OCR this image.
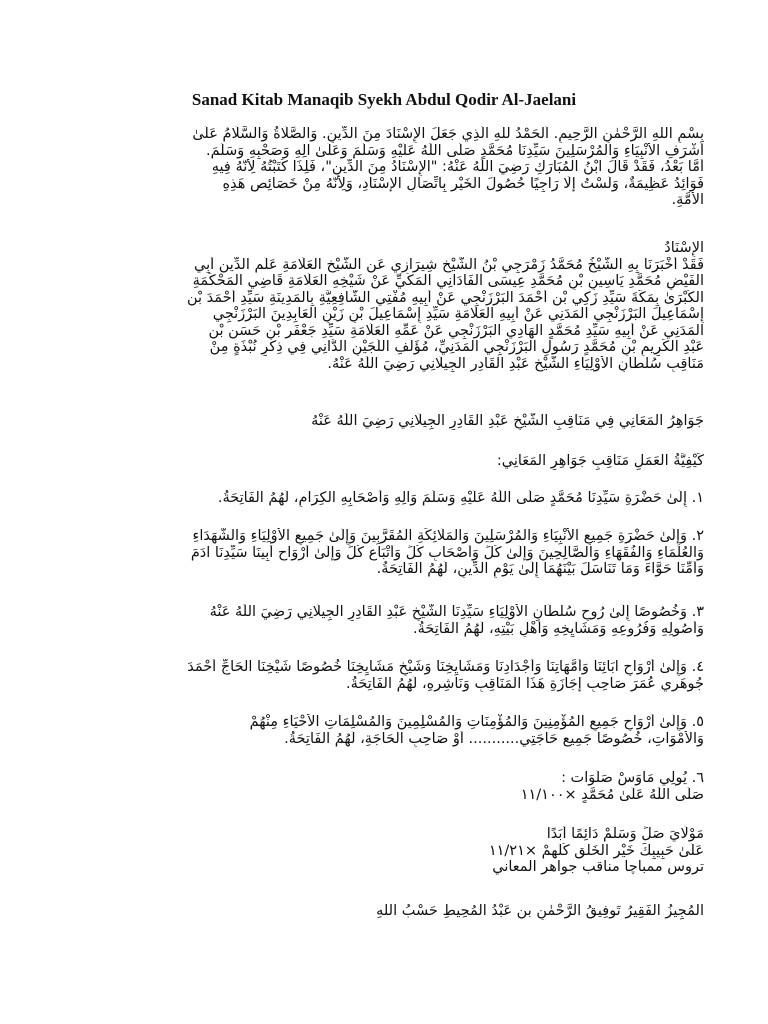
Sanad Kitab Manaqib Syekh Abdul Qodir Al-Jaelani
بِسْمِ اللهِ الرَّحْمٰنِ الرَّحِيمِ. اَلْحَمْدُ للهِ الَّذِي جَعَلَ الْإِسْنَادَ مِنَ الدِّينِ. وَالصَّلَاةُ وَالسَّلَامُ عَلَىٰ
أَشْرَفِ الْأَنْبِيَاءِ وَالْمُرْسَلِينَ سَيِّدِنَا مُحَمَّدٍ صَلَّى اللّٰهُ عَلَيْهِ وَسَلَّمَ وَعَلَىٰ آلِهِ وَصَحْبِهِ وَسَلَّمَ.
أَمَّا بَعْدُ، فَقَدْ قَالَ ابْنُ الْمُبَارَكِ رَضِيَ اللّٰهُ عَنْهُ: "الْإِسْنَادُ مِنَ الدِّينِ"، فَلِذَا كَتَبْتُهُ لِأَنَّهُ فِيهِ
فَوَائِدُ عَظِيمَةٌ، وَلَسْتُ إِلَّا رَاجِيًا حُصُولَ الْخَيْرِ بِاتِّصَالِ الْإِسْنَادِ، وَلِأَنَّهُ مِنْ خَصَائِصِ هَذِهِ
الْأُمَّةِ.
الْإِسْنَادُ
فَقَدْ أَخْبَرَنَا بِهِ الشَّيْخُ مُحَمَّدُ زَمْرَجِي بْنُ الشَّيْخِ شِيرَازِي عَنِ الشَّيْخِ الْعَلَّامَةِ عَلَمِ الدِّينِ أَبِي
الْفَيْضِ مُحَمَّدِ يَاسِينِ بْنِ مُحَمَّدِ عِيسَى الْفَادَانِي الْمَكِّيِّ عَنْ شَيْخِهِ الْعَلَّامَةِ قَاضِي الْمَحْكَمَةِ
الْكُبْرَىٰ بِمَكَّةَ سَيِّدِ زَكِي بْنِ أَحْمَدَ الْبَرْزَنْجِي عَنْ أَبِيهِ مُفْتِي الشَّافِعِيَّةِ بِالْمَدِينَةِ سَيِّدِ أَحْمَدَ بْنِ
إِسْمَاعِيلَ الْبَرْزَنْجِي الْمَدَنِي عَنْ أَبِيهِ الْعَلَّامَةِ سَيِّدِ إِسْمَاعِيلَ بْنِ زَيْنِ الْعَابِدِينَ الْبَرْزَنْجِي
الْمَدَنِي عَنْ أَبِيهِ سَيِّدِ مُحَمَّدٍ الْهَادِي الْبَرْزَنْجِي عَنْ عَمِّهِ الْعَلَّامَةِ سَيِّدِ جَعْفَرِ بْنِ حَسَنِ بْنِ
عَبْدِ الْكَرِيمِ بْنِ مُحَمَّدٍ رَسُولِ الْبَرْزَنْجِي الْمَدَنِيِّ، مُؤَلِّفِ اللُّجَيْنِ الدَّانِي فِي ذِكْرِ نُبْذَةٍ مِنْ
مَنَاقِبِ سُلْطَانِ الْأَوْلِيَاءِ الشَّيْخِ عَبْدِ الْقَادِرِ الْجِيلَانِي رَضِيَ اللّٰهُ عَنْهُ.
جَوَاهِرُ الْمَعَانِي فِي مَنَاقِبِ الشَّيْخِ عَبْدِ الْقَادِرِ الْجِيلَانِي رَضِيَ اللّٰهُ عَنْهُ
كَيْفِيَّةُ الْعَمَلِ مَنَاقِبِ جَوَاهِرِ الْمَعَانِي:
١. إِلَىٰ حَضْرَةِ سَيِّدِنَا مُحَمَّدٍ صَلَّى اللّٰهُ عَلَيْهِ وَسَلَّمَ وَآلِهِ وَأَصْحَابِهِ الْكِرَامِ، لَهُمُ الْفَاتِحَةُ.
٢. وَإِلَىٰ حَضْرَةِ جَمِيعِ الْأَنْبِيَاءِ وَالْمُرْسَلِينَ وَالْمَلَائِكَةِ الْمُقَرَّبِينَ وَإِلَىٰ جَمِيعِ الْأَوْلِيَاءِ وَالشُّهَدَاءِ
وَالْعُلَمَاءِ وَالْفُقَهَاءِ وَالصَّالِحِينَ وَإِلَىٰ كُلِّ وَأَصْحَابِ كُلِّ وَأَتْبَاعِ كُلِّ وَإِلَىٰ أَرْوَاحِ أَبِينَا سَيِّدِنَا آدَمَ
وَأُمِّنَا حَوَّاءَ وَمَا تَنَاسَلَ بَيْنَهُمَا إِلَىٰ يَوْمِ الدِّينِ، لَهُمُ الْفَاتِحَةُ.
٣. وَخُصُوصًا إِلَىٰ رُوحِ سُلْطَانِ الْأَوْلِيَاءِ سَيِّدِنَا الشَّيْخِ عَبْدِ الْقَادِرِ الْجِيلَانِي رَضِيَ اللّٰهُ عَنْهُ
وَأُصُولِهِ وَفُرُوعِهِ وَمَشَايِخِهِ وَأَهْلِ بَيْتِهِ، لَهُمُ الْفَاتِحَةُ.
٤. وَإِلَىٰ أَرْوَاحِ آبَائِنَا وَأُمَّهَاتِنَا وَأَجْدَادِنَا وَمَشَايِخِنَا وَشَيْخِ مَشَايِخِنَا خُصُوصًا شَيْخِنَا الْحَاجِّ أَحْمَدَ
جُوهَرِي عُمَرَ صَاحِبِ إِجَازَةِ هَذَا الْمَنَاقِبِ وَنَاشِرِهِ، لَهُمُ الْفَاتِحَةُ.
٥. وَإِلَىٰ أَرْوَاحِ جَمِيعِ الْمُؤْمِنِينَ وَالْمُؤْمِنَاتِ وَالْمُسْلِمِينَ وَالْمُسْلِمَاتِ الْأَحْيَاءِ مِنْهُمْ
وَالْأَمْوَاتِ، خُصُوصًا جَمِيعِ حَاجَتِي........... أَوْ صَاحِبِ الْحَاجَةِ، لَهُمُ الْفَاتِحَةُ.
٦. يُولِي مَاوَسْ صَلَوَات :
صَلَّى اللّٰهُ عَلَىٰ مُحَمَّدٍ ×١١/١٠٠
مَوْلَايَ صَلِّ وَسَلِّمْ دَائِمًا أَبَدًا
عَلَىٰ حَبِيبِكَ خَيْرِ الْخَلْقِ كُلِّهِمْ ×١١/٢١
تروس ممباچا مناقب جواهر المعاني
الْمُجِيزُ الْفَقِيرُ تَوفِيقُ الرَّحْمٰنِ بن عَبْدُ الْمُحِيطِ حَسْبُ اللهِ
